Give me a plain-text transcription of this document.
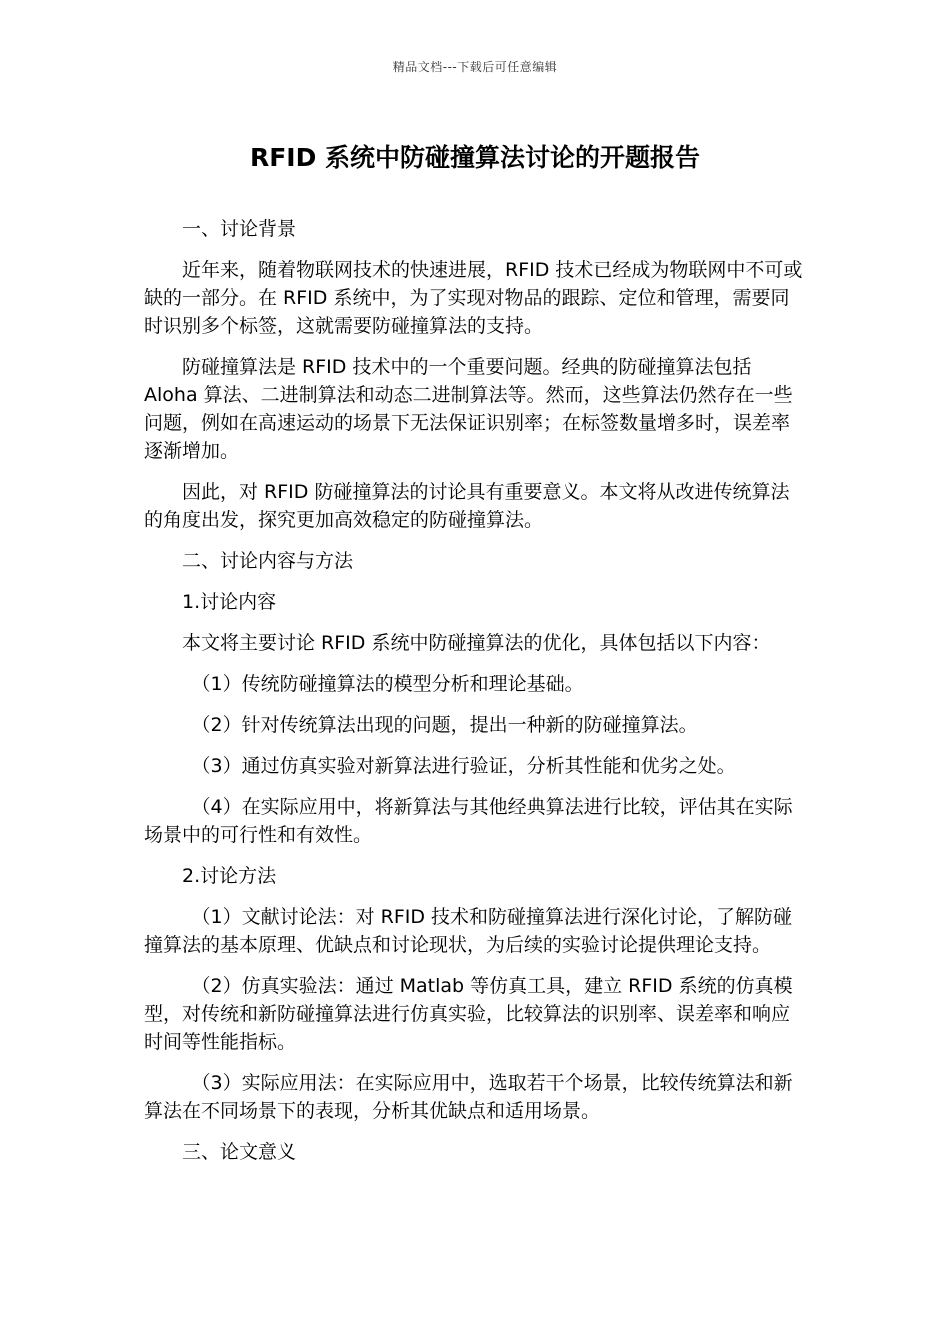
精品文档---下载后可任意编辑
RFID 系统中防碰撞算法讨论的开题报告

一、讨论背景

近年来，随着物联网技术的快速进展，RFID 技术已经成为物联网中不可或缺的一部分。在 RFID 系统中，为了实现对物品的跟踪、定位和管理，需要同时识别多个标签，这就需要防碰撞算法的支持。

防碰撞算法是 RFID 技术中的一个重要问题。经典的防碰撞算法包括 Aloha 算法、二进制算法和动态二进制算法等。然而，这些算法仍然存在一些问题，例如在高速运动的场景下无法保证识别率；在标签数量增多时，误差率逐渐增加。

因此，对 RFID 防碰撞算法的讨论具有重要意义。本文将从改进传统算法的角度出发，探究更加高效稳定的防碰撞算法。

二、讨论内容与方法

1.讨论内容

本文将主要讨论 RFID 系统中防碰撞算法的优化，具体包括以下内容：

（1）传统防碰撞算法的模型分析和理论基础。

（2）针对传统算法出现的问题，提出一种新的防碰撞算法。

（3）通过仿真实验对新算法进行验证，分析其性能和优劣之处。

（4）在实际应用中，将新算法与其他经典算法进行比较，评估其在实际场景中的可行性和有效性。

2.讨论方法

（1）文献讨论法：对 RFID 技术和防碰撞算法进行深化讨论，了解防碰撞算法的基本原理、优缺点和讨论现状，为后续的实验讨论提供理论支持。

（2）仿真实验法：通过 Matlab 等仿真工具，建立 RFID 系统的仿真模型，对传统和新防碰撞算法进行仿真实验，比较算法的识别率、误差率和响应时间等性能指标。

（3）实际应用法：在实际应用中，选取若干个场景，比较传统算法和新算法在不同场景下的表现，分析其优缺点和适用场景。

三、论文意义
